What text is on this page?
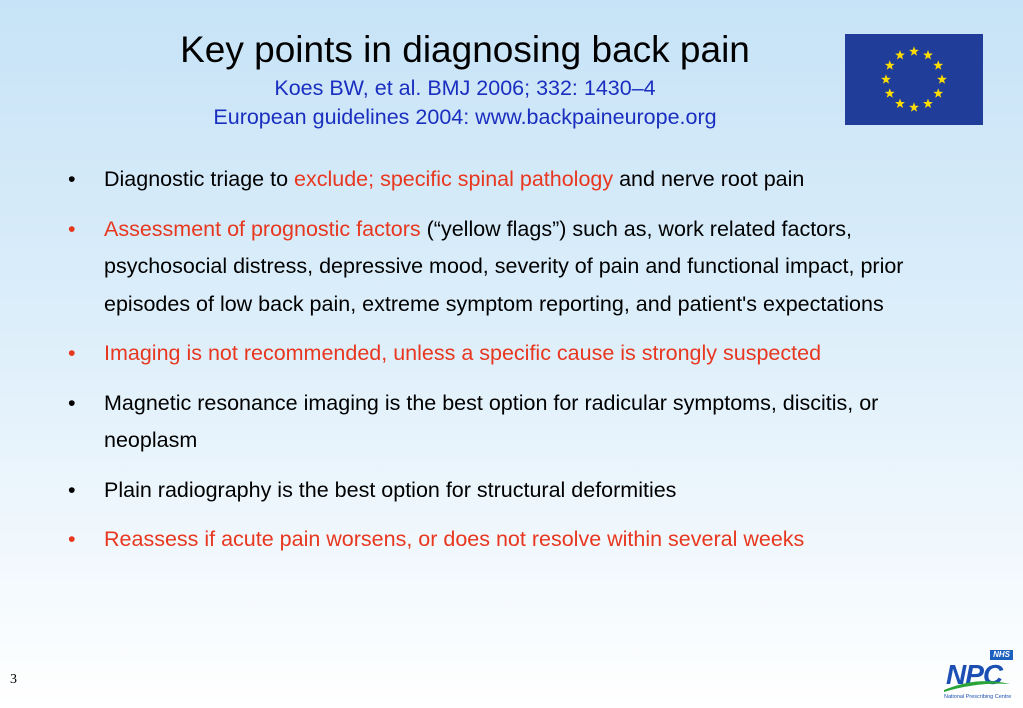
Key points in diagnosing back pain
Koes BW, et al. BMJ 2006; 332: 1430–4
European guidelines 2004: www.backpaineurope.org
• Diagnostic triage to exclude; specific spinal pathology and nerve root pain
• Assessment of prognostic factors (“yellow flags”) such as, work related factors, psychosocial distress, depressive mood, severity of pain and functional impact, prior episodes of low back pain, extreme symptom reporting, and patient's expectations
• Imaging is not recommended, unless a specific cause is strongly suspected
• Magnetic resonance imaging is the best option for radicular symptoms, discitis, or neoplasm
• Plain radiography is the best option for structural deformities
• Reassess if acute pain worsens, or does not resolve within several weeks
3
NHS
NPC
National Prescribing Centre
